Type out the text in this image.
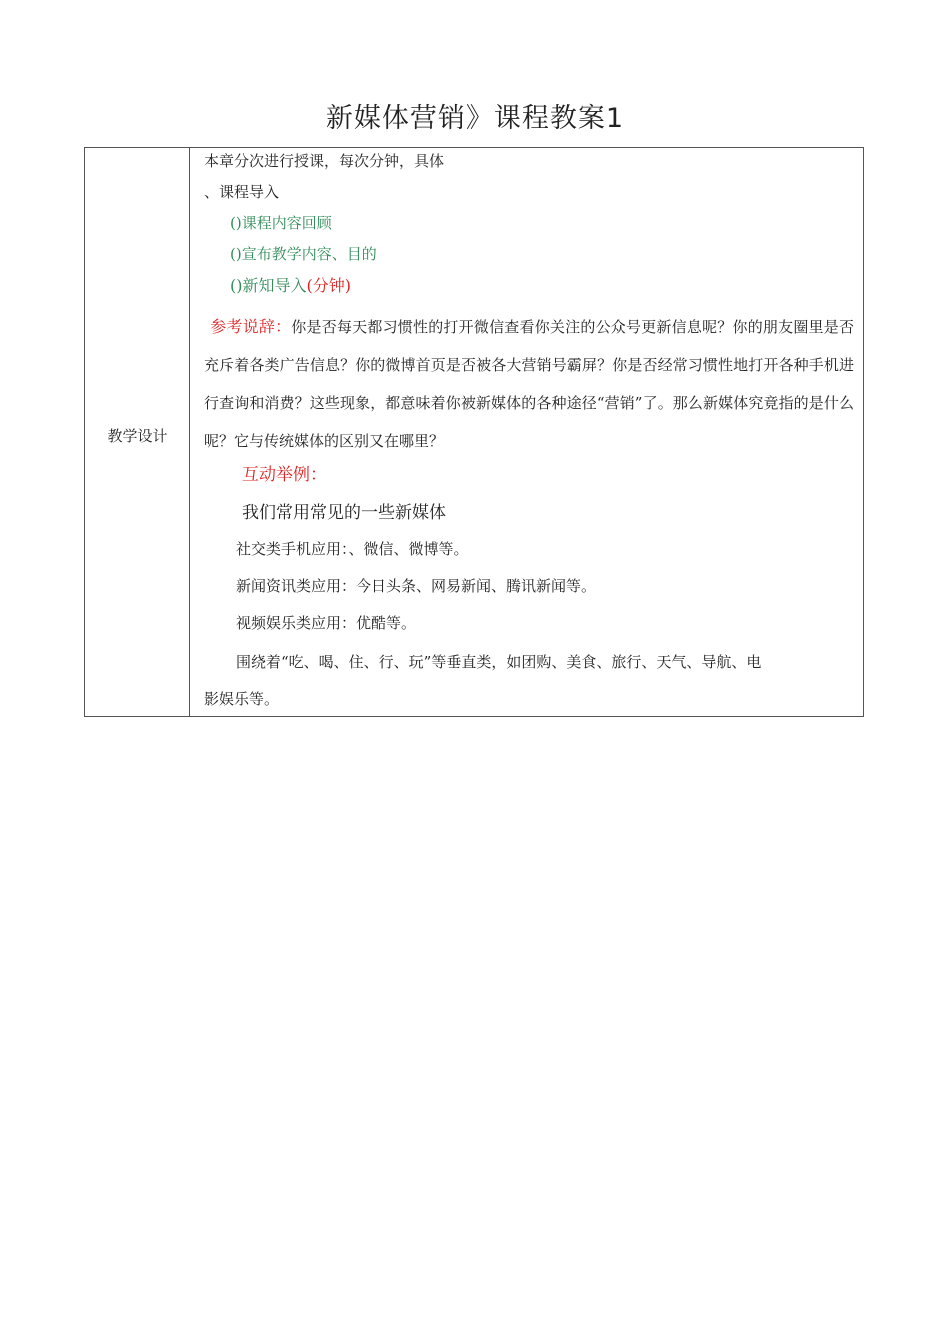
新媒体营销》课程教案1
教学设计
本章分次进行授课，每次分钟，具体
、课程导入
()课程内容回顾
()宣布教学内容、目的
()新知导入(分钟)
参考说辞：你是否每天都习惯性的打开微信查看你关注的公众号更新信息呢？你的朋友圈里是否充斥着各类广告信息？你的微博首页是否被各大营销号霸屏？你是否经常习惯性地打开各种手机进行查询和消费？这些现象，都意味着你被新媒体的各种途径“营销”了。那么新媒体究竟指的是什么呢？它与传统媒体的区别又在哪里？
互动举例：
我们常用常见的一些新媒体
社交类手机应用：、微信、微博等。
新闻资讯类应用：今日头条、网易新闻、腾讯新闻等。
视频娱乐类应用：优酷等。
围绕着“吃、喝、住、行、玩”等垂直类，如团购、美食、旅行、天气、导航、电
影娱乐等。
